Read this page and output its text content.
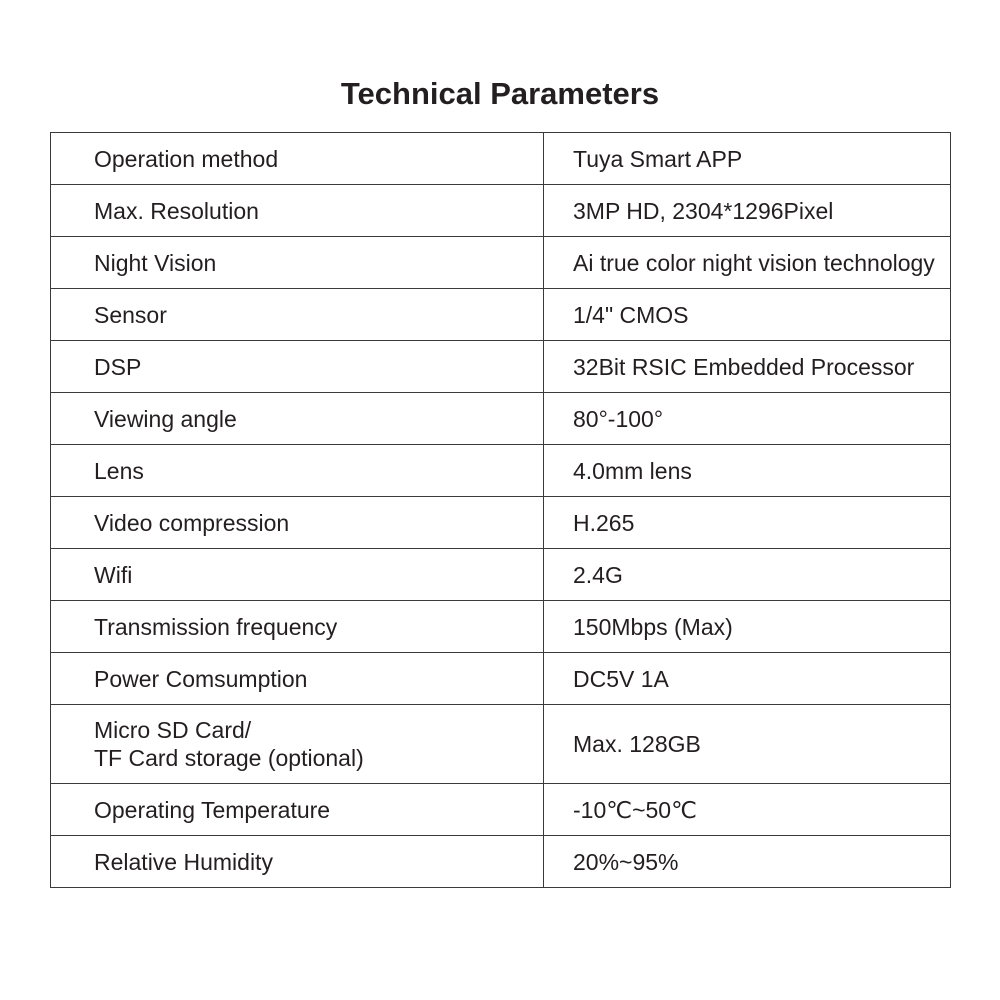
Technical Parameters
Operation method	Tuya Smart APP
Max. Resolution	3MP HD, 2304*1296Pixel
Night Vision	Ai true color night vision technology
Sensor	1/4" CMOS
DSP	32Bit RSIC Embedded Processor
Viewing angle	80°-100°
Lens	4.0mm lens
Video compression	H.265
Wifi	2.4G
Transmission frequency	150Mbps (Max)
Power Comsumption	DC5V 1A

Micro SD Card/
TF Card storage (optional)	Max. 128GB
Operating Temperature	-10℃~50℃
Relative Humidity	20%~95%
